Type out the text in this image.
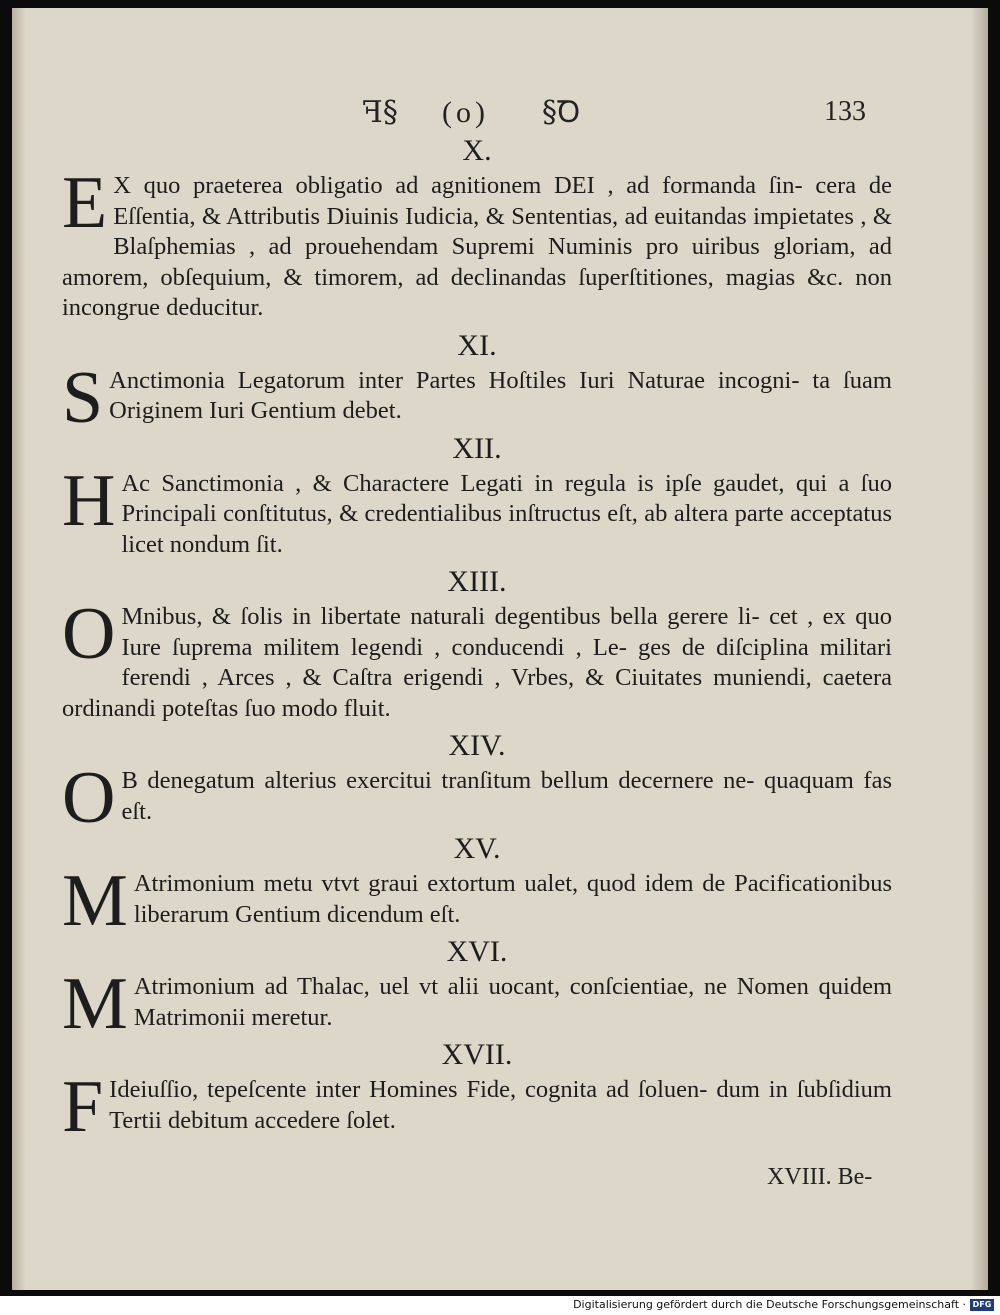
ꟻ§ (o) §Ꝺ	133
X.

E X quo praeterea obligatio ad agnitionem DEI , ad formanda ſin- cera de Eſſentia, & Attributis Diuinis Iudicia, & Sententias, ad euitandas impietates , & Blaſphemias , ad prouehendam Supremi Numinis pro uiribus gloriam, ad amorem, obſequium, & timorem, ad declinandas ſuperſtitiones, magias &c. non incongrue deducitur.

XI.

S Anctimonia Legatorum inter Partes Hoſtiles Iuri Naturae incogni- ta ſuam Originem Iuri Gentium debet.

XII.

H Ac Sanctimonia , & Charactere Legati in regula is ipſe gaudet, qui a ſuo Principali conſtitutus, & credentialibus inſtructus eſt, ab altera parte acceptatus licet nondum ſit.

XIII.

O Mnibus, & ſolis in libertate naturali degentibus bella gerere li- cet , ex quo Iure ſuprema militem legendi , conducendi , Le- ges de diſciplina militari ferendi , Arces , & Caſtra erigendi , Vrbes, & Ciuitates muniendi, caetera ordinandi poteſtas ſuo modo fluit.

XIV.

O B denegatum alterius exercitui tranſitum bellum decernere ne- quaquam fas eſt.

XV.

M Atrimonium metu vtvt graui extortum ualet, quod idem de Pacificationibus liberarum Gentium dicendum eſt.

XVI.

M Atrimonium ad Thalac, uel vt alii uocant, conſcientiae, ne Nomen quidem Matrimonii meretur.

XVII.

F Ideiuſſio, tepeſcente inter Homines Fide, cognita ad ſoluen- dum in ſubſidium Tertii debitum accedere ſolet.

XVIII. Be-
Digitalisierung gefördert durch die Deutsche Forschungsgemeinschaft · DFG
